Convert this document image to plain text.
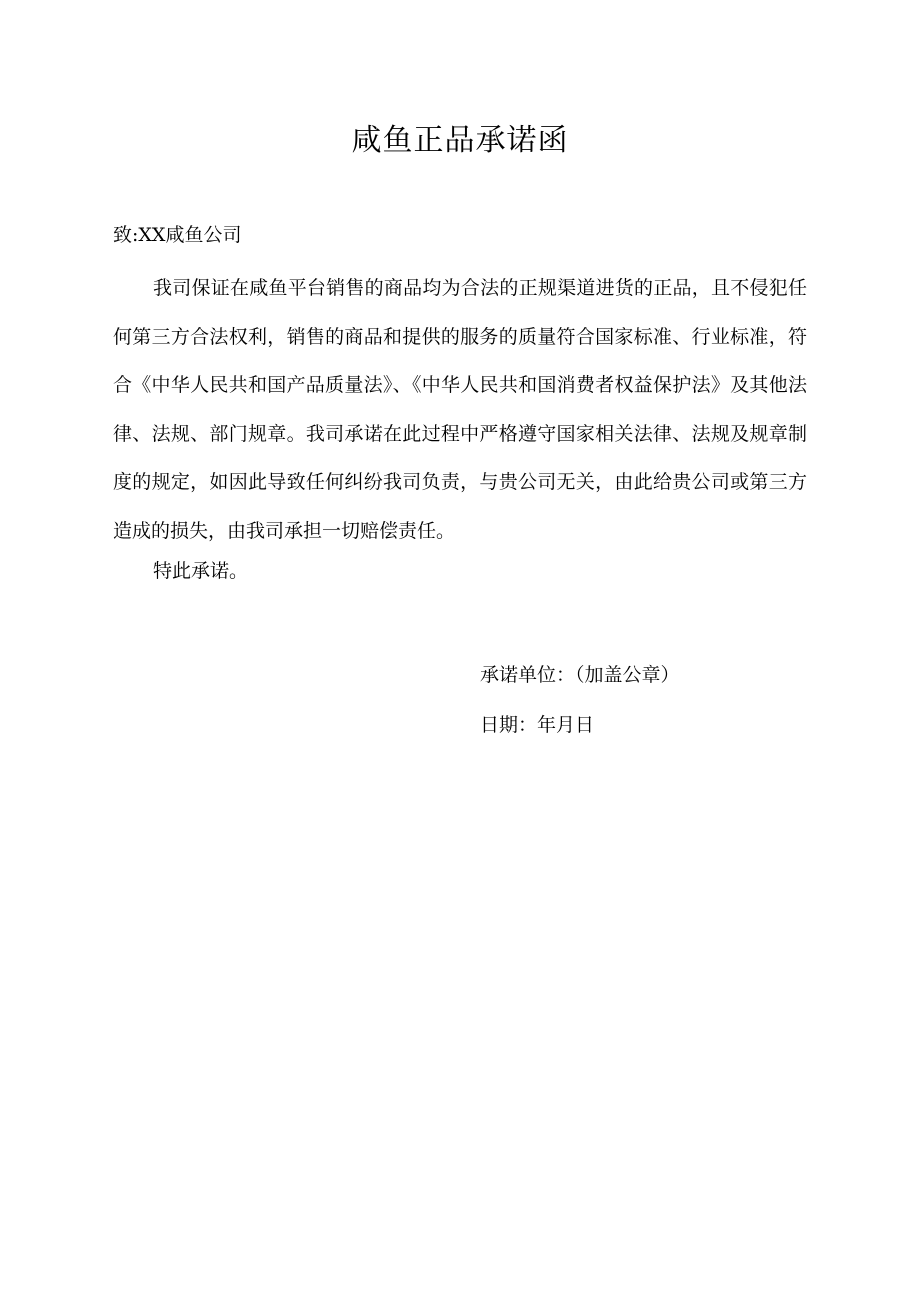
咸鱼正品承诺函

致:XX咸鱼公司

我司保证在咸鱼平台销售的商品均为合法的正规渠道进货的正品，且不侵犯任何第三方合法权利，销售的商品和提供的服务的质量符合国家标准、行业标准，符合《中华人民共和国产品质量法》、《中华人民共和国消费者权益保护法》及其他法律、法规、部门规章。我司承诺在此过程中严格遵守国家相关法律、法规及规章制度的规定，如因此导致任何纠纷我司负责，与贵公司无关，由此给贵公司或第三方造成的损失，由我司承担一切赔偿责任。

特此承诺。

承诺单位：（加盖公章）

日期：年月日
